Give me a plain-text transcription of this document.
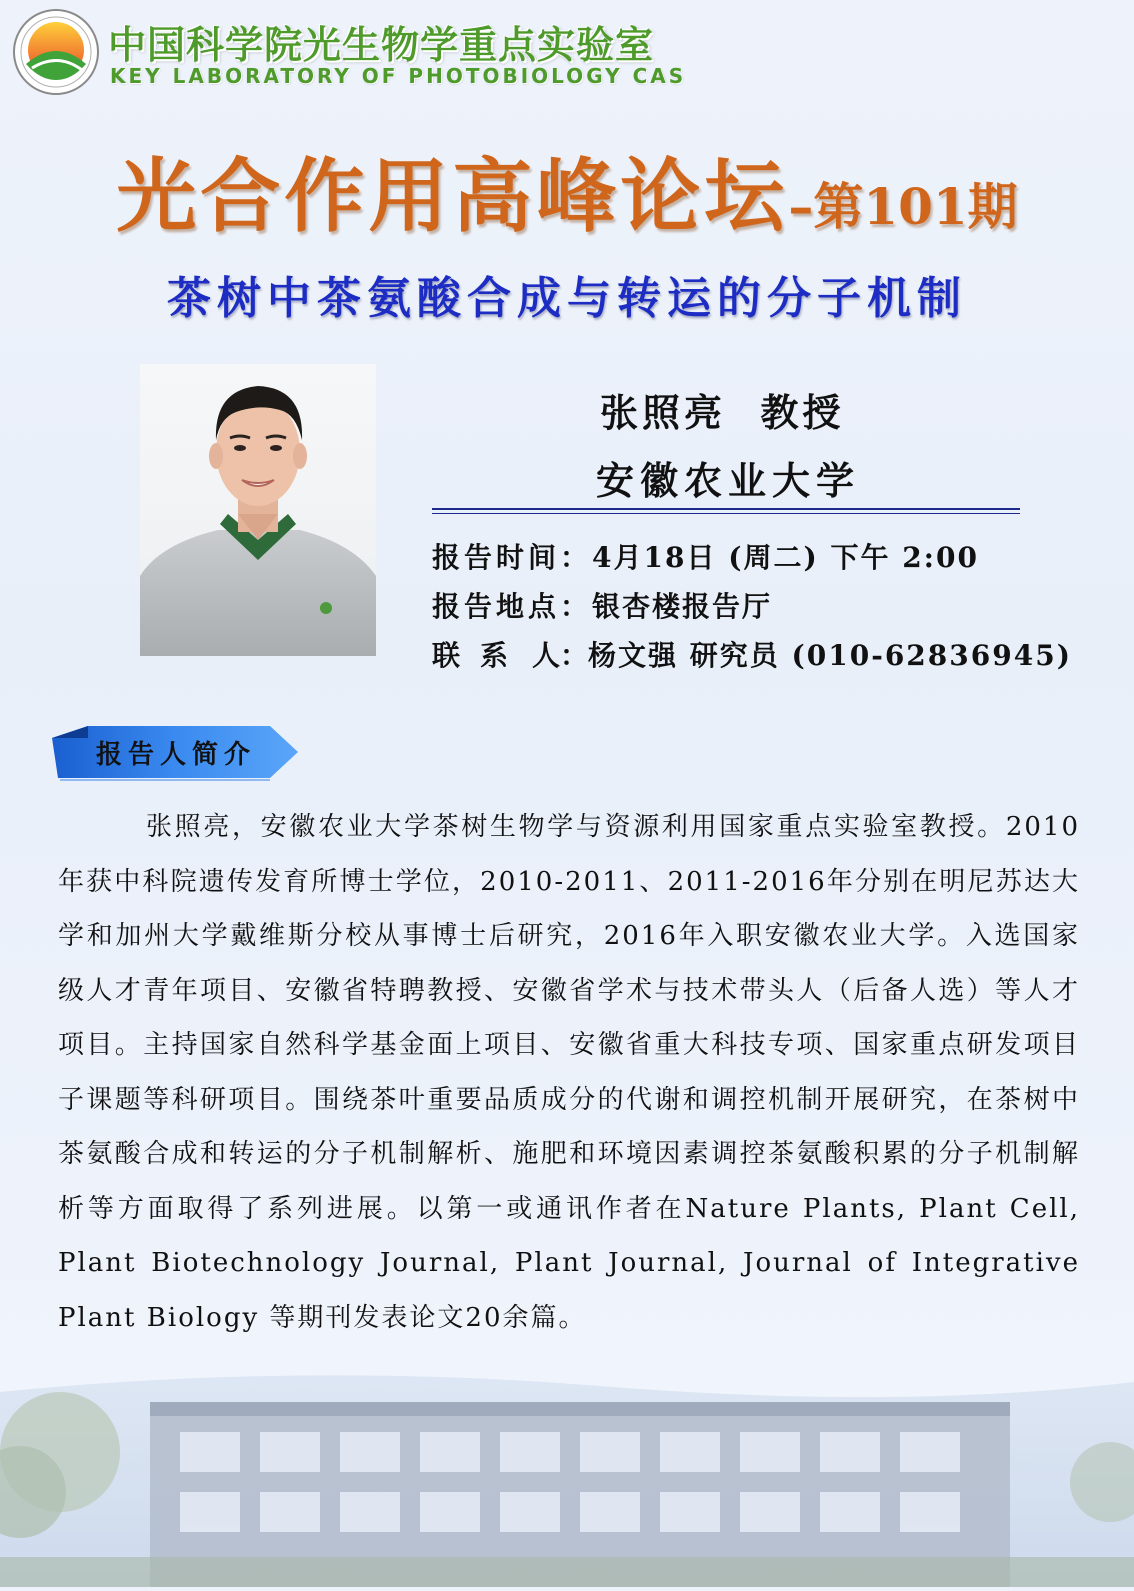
中国科学院光生物学重点实验室
KEY LABORATORY OF PHOTOBIOLOGY CAS
光合作用高峰论坛–第101期
茶树中茶氨酸合成与转运的分子机制
张照亮 教授
安徽农业大学
报告时间：4月18日 (周二) 下午 2:00
报告地点：银杏楼报告厅
联 系 人：杨文强 研究员 (010-62836945)
报告人简介
张照亮，安徽农业大学茶树生物学与资源利用国家重点实验室教授。2010年获中科院遗传发育所博士学位，2010-2011、2011-2016年分别在明尼苏达大学和加州大学戴维斯分校从事博士后研究，2016年入职安徽农业大学。入选国家级人才青年项目、安徽省特聘教授、安徽省学术与技术带头人（后备人选）等人才项目。主持国家自然科学基金面上项目、安徽省重大科技专项、国家重点研发项目子课题等科研项目。围绕茶叶重要品质成分的代谢和调控机制开展研究，在茶树中茶氨酸合成和转运的分子机制解析、施肥和环境因素调控茶氨酸积累的分子机制解析等方面取得了系列进展。以第一或通讯作者在Nature Plants, Plant Cell, Plant Biotechnology Journal, Plant Journal, Journal of Integrative Plant Biology 等期刊发表论文20余篇。
